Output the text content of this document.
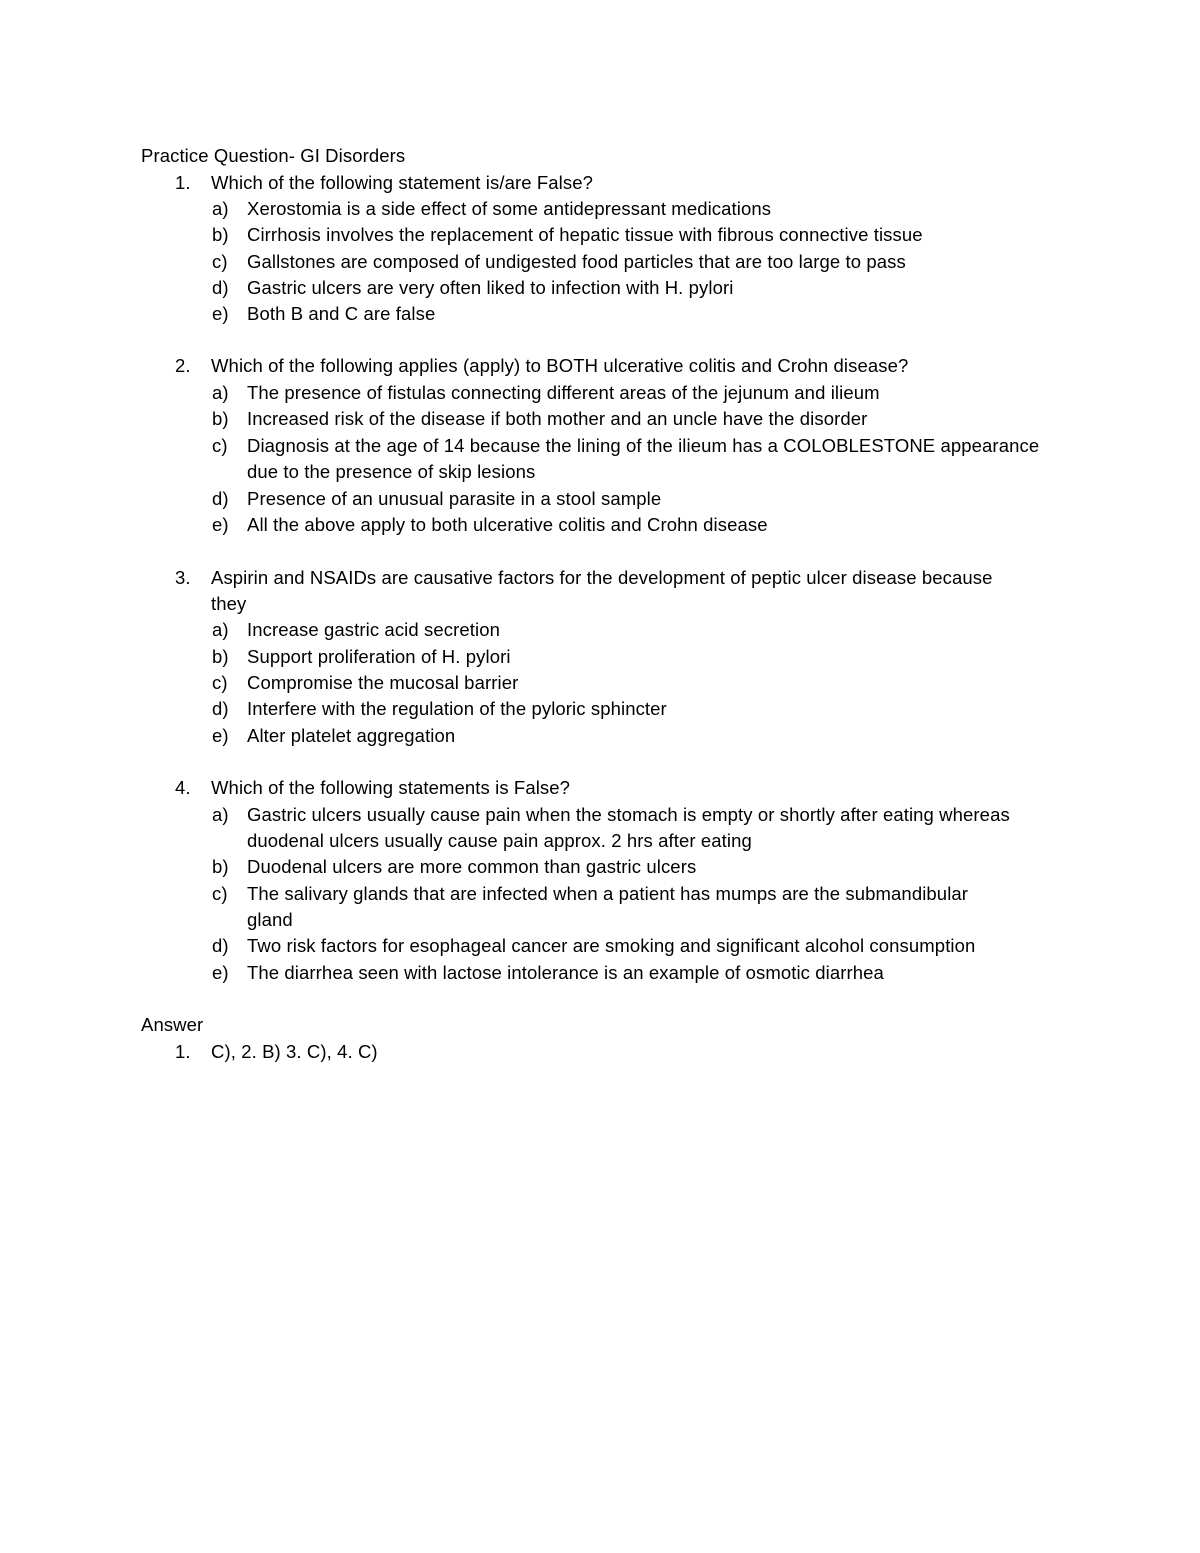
Practice Question- GI Disorders
1. Which of the following statement is/are False?
a) Xerostomia is a side effect of some antidepressant medications
b) Cirrhosis involves the replacement of hepatic tissue with fibrous connective tissue
c) Gallstones are composed of undigested food particles that are too large to pass
d) Gastric ulcers are very often liked to infection with H. pylori
e) Both B and C are false
2. Which of the following applies (apply) to BOTH ulcerative colitis and Crohn disease?
a) The presence of fistulas connecting different areas of the jejunum and ilieum
b) Increased risk of the disease if both mother and an uncle have the disorder
c) Diagnosis at the age of 14 because the lining of the ilieum has a COLOBLESTONE appearance
due to the presence of skip lesions
d) Presence of an unusual parasite in a stool sample
e) All the above apply to both ulcerative colitis and Crohn disease
3. Aspirin and NSAIDs are causative factors for the development of peptic ulcer disease because
they
a) Increase gastric acid secretion
b) Support proliferation of H. pylori
c) Compromise the mucosal barrier
d) Interfere with the regulation of the pyloric sphincter
e) Alter platelet aggregation
4. Which of the following statements is False?
a) Gastric ulcers usually cause pain when the stomach is empty or shortly after eating whereas
duodenal ulcers usually cause pain approx. 2 hrs after eating
b) Duodenal ulcers are more common than gastric ulcers
c) The salivary glands that are infected when a patient has mumps are the submandibular
gland
d) Two risk factors for esophageal cancer are smoking and significant alcohol consumption
e) The diarrhea seen with lactose intolerance is an example of osmotic diarrhea
Answer
1. C), 2. B) 3. C), 4. C)
